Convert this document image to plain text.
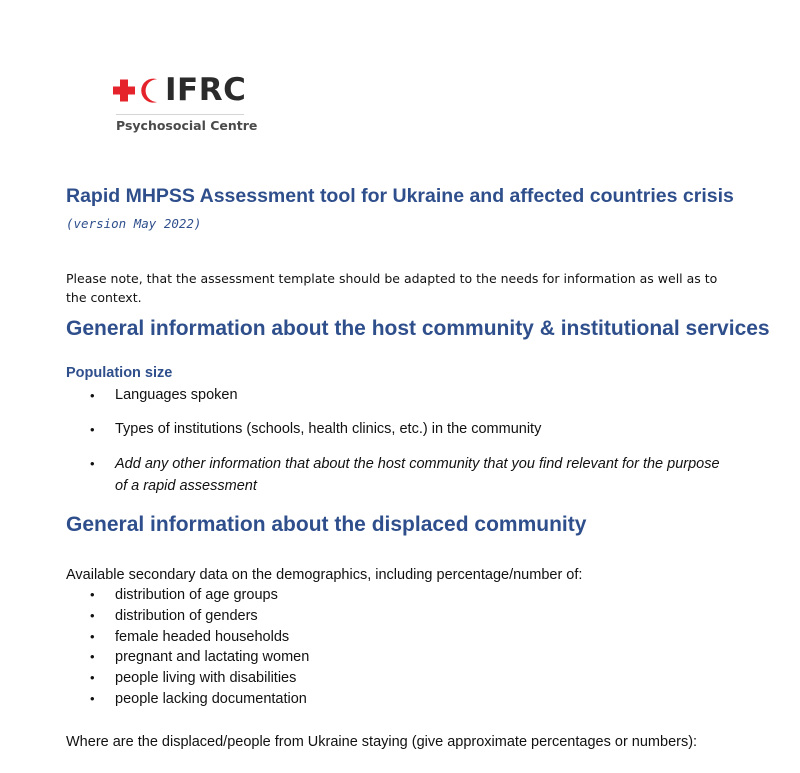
IFRC
Psychosocial Centre
Rapid MHPSS Assessment tool for Ukraine and affected countries crisis
(version May 2022)
Please note, that the assessment template should be adapted to the needs for information as well as to the context.
General information about the host community & institutional services
Population size
• Languages spoken
• Types of institutions (schools, health clinics, etc.) in the community
• Add any other information that about the host community that you find relevant for the purpose of a rapid assessment
General information about the displaced community
Available secondary data on the demographics, including percentage/number of:
• distribution of age groups
• distribution of genders
• female headed households
• pregnant and lactating women
• people living with disabilities
• people lacking documentation
Where are the displaced/people from Ukraine staying (give approximate percentages or numbers):
